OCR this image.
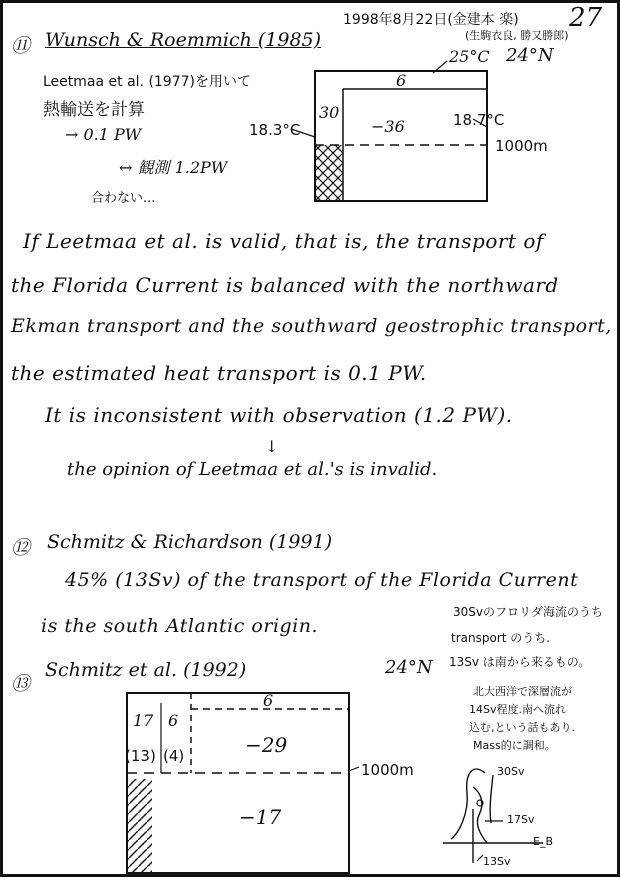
1998年8月22日(金建本 楽)
(生駒衣良, 勝又勝郎)
27
⑪ Wunsch & Roemmich (1985)
Leetmaa et al. (1977)を用いて
熱輸送を計算
→ 0.1 PW
↔ 観測 1.2PW
合わない...
25°C 24°N
6
30
−36
18.3°C
18.7°C
1000m
If Leetmaa et al. is valid, that is, the transport of
the Florida Current is balanced with the northward
Ekman transport and the southward geostrophic transport,
the estimated heat transport is 0.1 PW.
It is inconsistent with observation (1.2 PW).
↓
the opinion of Leetmaa et al.'s is invalid.
⑫ Schmitz & Richardson (1991)
45% (13Sv) of the transport of the Florida Current
is the south Atlantic origin.
30Svのフロリダ海流のうち
transport のうち.
13Sv は南から来るもの。
⑬
Schmitz et al. (1992)	24°N
北大西洋で深層流が
14Sv程度.南へ流れ
込む,という話もあり.
Mass的に調和。
6
17 6
(13) (4)	−29
−17
1000m	30Sv
17Sv
13Sv
E_B
